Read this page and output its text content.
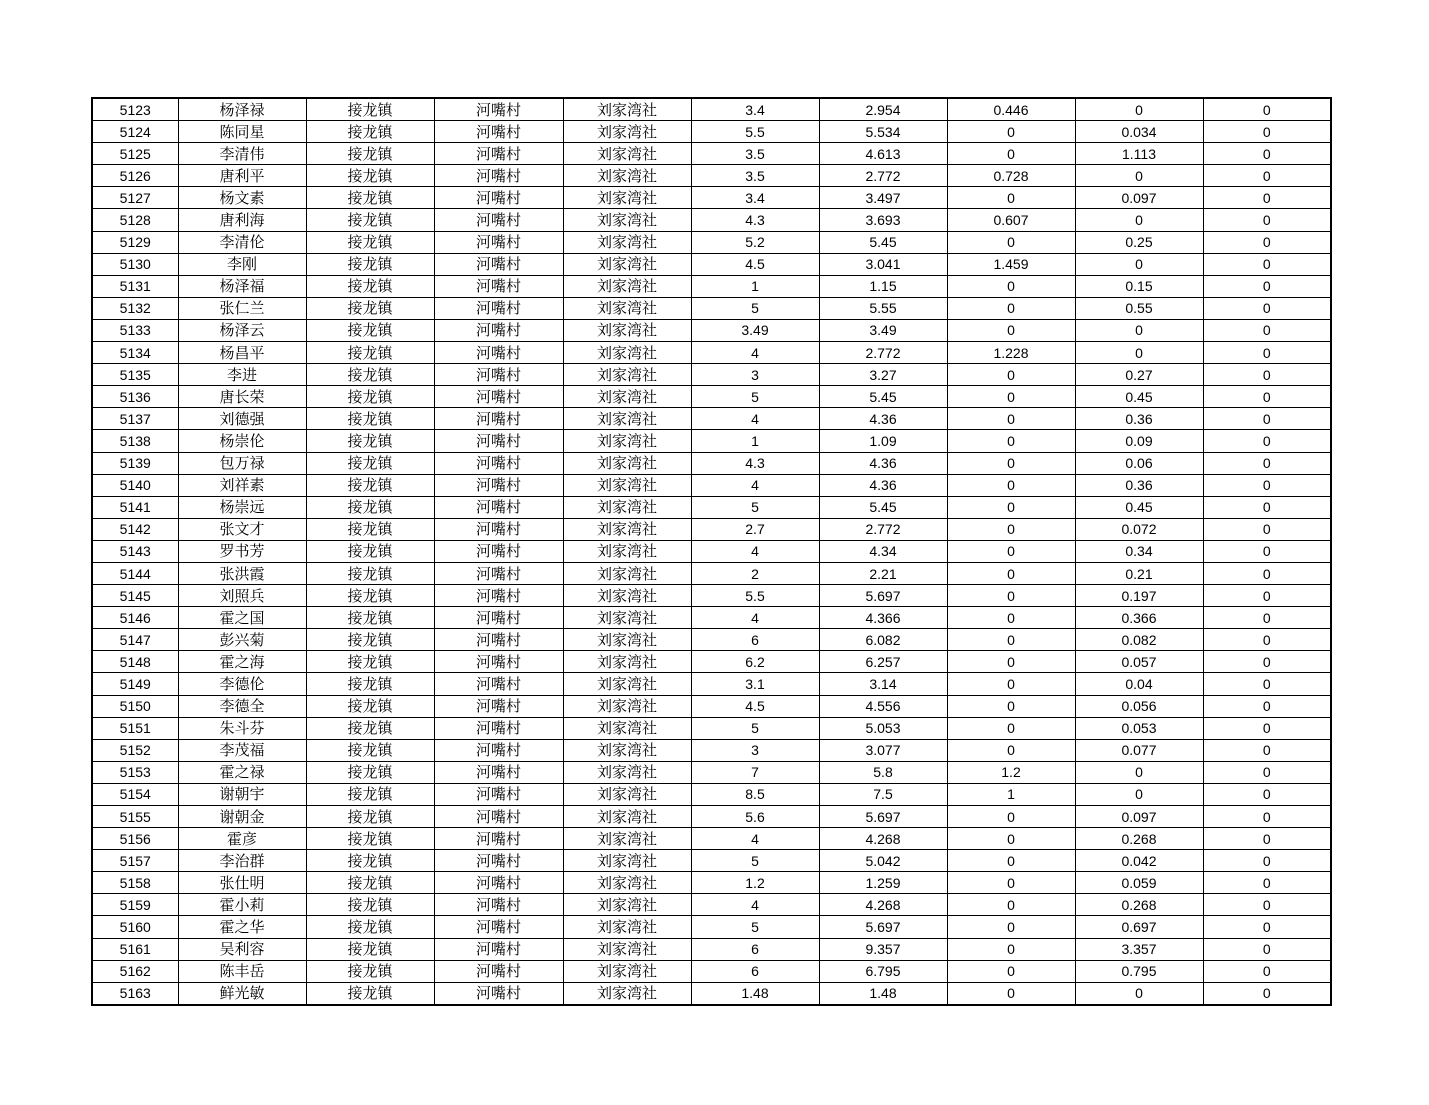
5123	杨泽禄	接龙镇	河嘴村	刘家湾社	3.4	2.954	0.446	0	0
5124	陈同星	接龙镇	河嘴村	刘家湾社	5.5	5.534	0	0.034	0
5125	李清伟	接龙镇	河嘴村	刘家湾社	3.5	4.613	0	1.113	0
5126	唐利平	接龙镇	河嘴村	刘家湾社	3.5	2.772	0.728	0	0
5127	杨文素	接龙镇	河嘴村	刘家湾社	3.4	3.497	0	0.097	0
5128	唐利海	接龙镇	河嘴村	刘家湾社	4.3	3.693	0.607	0	0
5129	李清伦	接龙镇	河嘴村	刘家湾社	5.2	5.45	0	0.25	0
5130	李刚	接龙镇	河嘴村	刘家湾社	4.5	3.041	1.459	0	0
5131	杨泽福	接龙镇	河嘴村	刘家湾社	1	1.15	0	0.15	0
5132	张仁兰	接龙镇	河嘴村	刘家湾社	5	5.55	0	0.55	0
5133	杨泽云	接龙镇	河嘴村	刘家湾社	3.49	3.49	0	0	0
5134	杨昌平	接龙镇	河嘴村	刘家湾社	4	2.772	1.228	0	0
5135	李进	接龙镇	河嘴村	刘家湾社	3	3.27	0	0.27	0
5136	唐长荣	接龙镇	河嘴村	刘家湾社	5	5.45	0	0.45	0
5137	刘德强	接龙镇	河嘴村	刘家湾社	4	4.36	0	0.36	0
5138	杨崇伦	接龙镇	河嘴村	刘家湾社	1	1.09	0	0.09	0
5139	包万禄	接龙镇	河嘴村	刘家湾社	4.3	4.36	0	0.06	0
5140	刘祥素	接龙镇	河嘴村	刘家湾社	4	4.36	0	0.36	0
5141	杨崇远	接龙镇	河嘴村	刘家湾社	5	5.45	0	0.45	0
5142	张文才	接龙镇	河嘴村	刘家湾社	2.7	2.772	0	0.072	0
5143	罗书芳	接龙镇	河嘴村	刘家湾社	4	4.34	0	0.34	0
5144	张洪霞	接龙镇	河嘴村	刘家湾社	2	2.21	0	0.21	0
5145	刘照兵	接龙镇	河嘴村	刘家湾社	5.5	5.697	0	0.197	0
5146	霍之国	接龙镇	河嘴村	刘家湾社	4	4.366	0	0.366	0
5147	彭兴菊	接龙镇	河嘴村	刘家湾社	6	6.082	0	0.082	0
5148	霍之海	接龙镇	河嘴村	刘家湾社	6.2	6.257	0	0.057	0
5149	李德伦	接龙镇	河嘴村	刘家湾社	3.1	3.14	0	0.04	0
5150	李德全	接龙镇	河嘴村	刘家湾社	4.5	4.556	0	0.056	0
5151	朱斗芬	接龙镇	河嘴村	刘家湾社	5	5.053	0	0.053	0
5152	李茂福	接龙镇	河嘴村	刘家湾社	3	3.077	0	0.077	0
5153	霍之禄	接龙镇	河嘴村	刘家湾社	7	5.8	1.2	0	0
5154	谢朝宇	接龙镇	河嘴村	刘家湾社	8.5	7.5	1	0	0
5155	谢朝金	接龙镇	河嘴村	刘家湾社	5.6	5.697	0	0.097	0
5156	霍彦	接龙镇	河嘴村	刘家湾社	4	4.268	0	0.268	0
5157	李治群	接龙镇	河嘴村	刘家湾社	5	5.042	0	0.042	0
5158	张仕明	接龙镇	河嘴村	刘家湾社	1.2	1.259	0	0.059	0
5159	霍小莉	接龙镇	河嘴村	刘家湾社	4	4.268	0	0.268	0
5160	霍之华	接龙镇	河嘴村	刘家湾社	5	5.697	0	0.697	0
5161	吴利容	接龙镇	河嘴村	刘家湾社	6	9.357	0	3.357	0
5162	陈丰岳	接龙镇	河嘴村	刘家湾社	6	6.795	0	0.795	0
5163	鲜光敏	接龙镇	河嘴村	刘家湾社	1.48	1.48	0	0	0
